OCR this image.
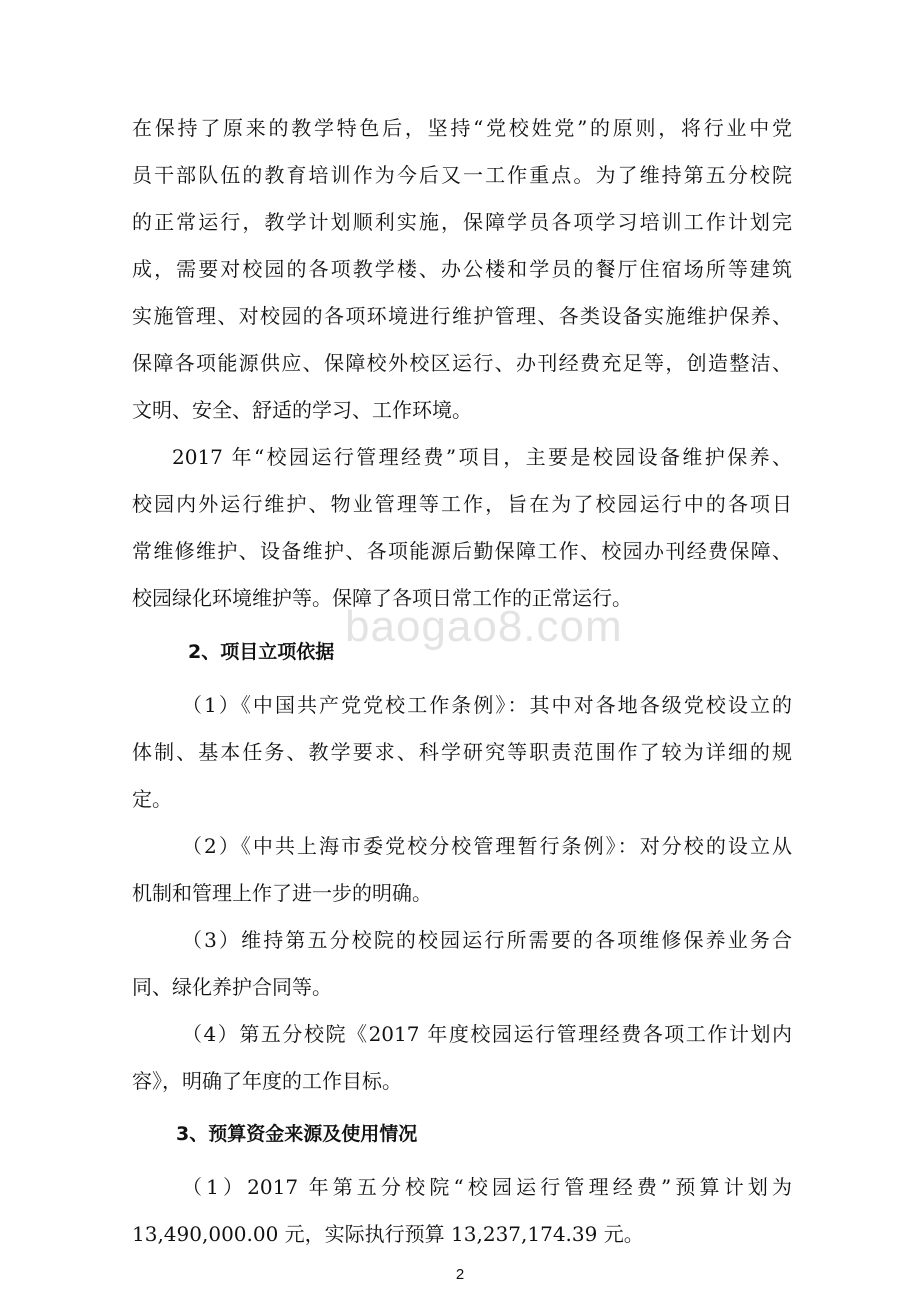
baogao8.com
在保持了原来的教学特色后，坚持“党校姓党”的原则，将行业中党
员干部队伍的教育培训作为今后又一工作重点。为了维持第五分校院
的正常运行，教学计划顺利实施，保障学员各项学习培训工作计划完
成，需要对校园的各项教学楼、办公楼和学员的餐厅住宿场所等建筑
实施管理、对校园的各项环境进行维护管理、各类设备实施维护保养、
保障各项能源供应、保障校外校区运行、办刊经费充足等，创造整洁、
文明、安全、舒适的学习、工作环境。
2017 年“校园运行管理经费”项目，主要是校园设备维护保养、
校园内外运行维护、物业管理等工作，旨在为了校园运行中的各项日
常维修维护、设备维护、各项能源后勤保障工作、校园办刊经费保障、
校园绿化环境维护等。保障了各项日常工作的正常运行。
2、项目立项依据
（1）《中国共产党党校工作条例》：其中对各地各级党校设立的
体制、基本任务、教学要求、科学研究等职责范围作了较为详细的规
定。
（2）《中共上海市委党校分校管理暂行条例》：对分校的设立从
机制和管理上作了进一步的明确。
（3）维持第五分校院的校园运行所需要的各项维修保养业务合
同、绿化养护合同等。
（4）第五分校院《2017 年度校园运行管理经费各项工作计划内
容》，明确了年度的工作目标。
3、预算资金来源及使用情况
（1）2017 年第五分校院“校园运行管理经费”预算计划为
13,490,000.00 元，实际执行预算 13,237,174.39 元。
2
